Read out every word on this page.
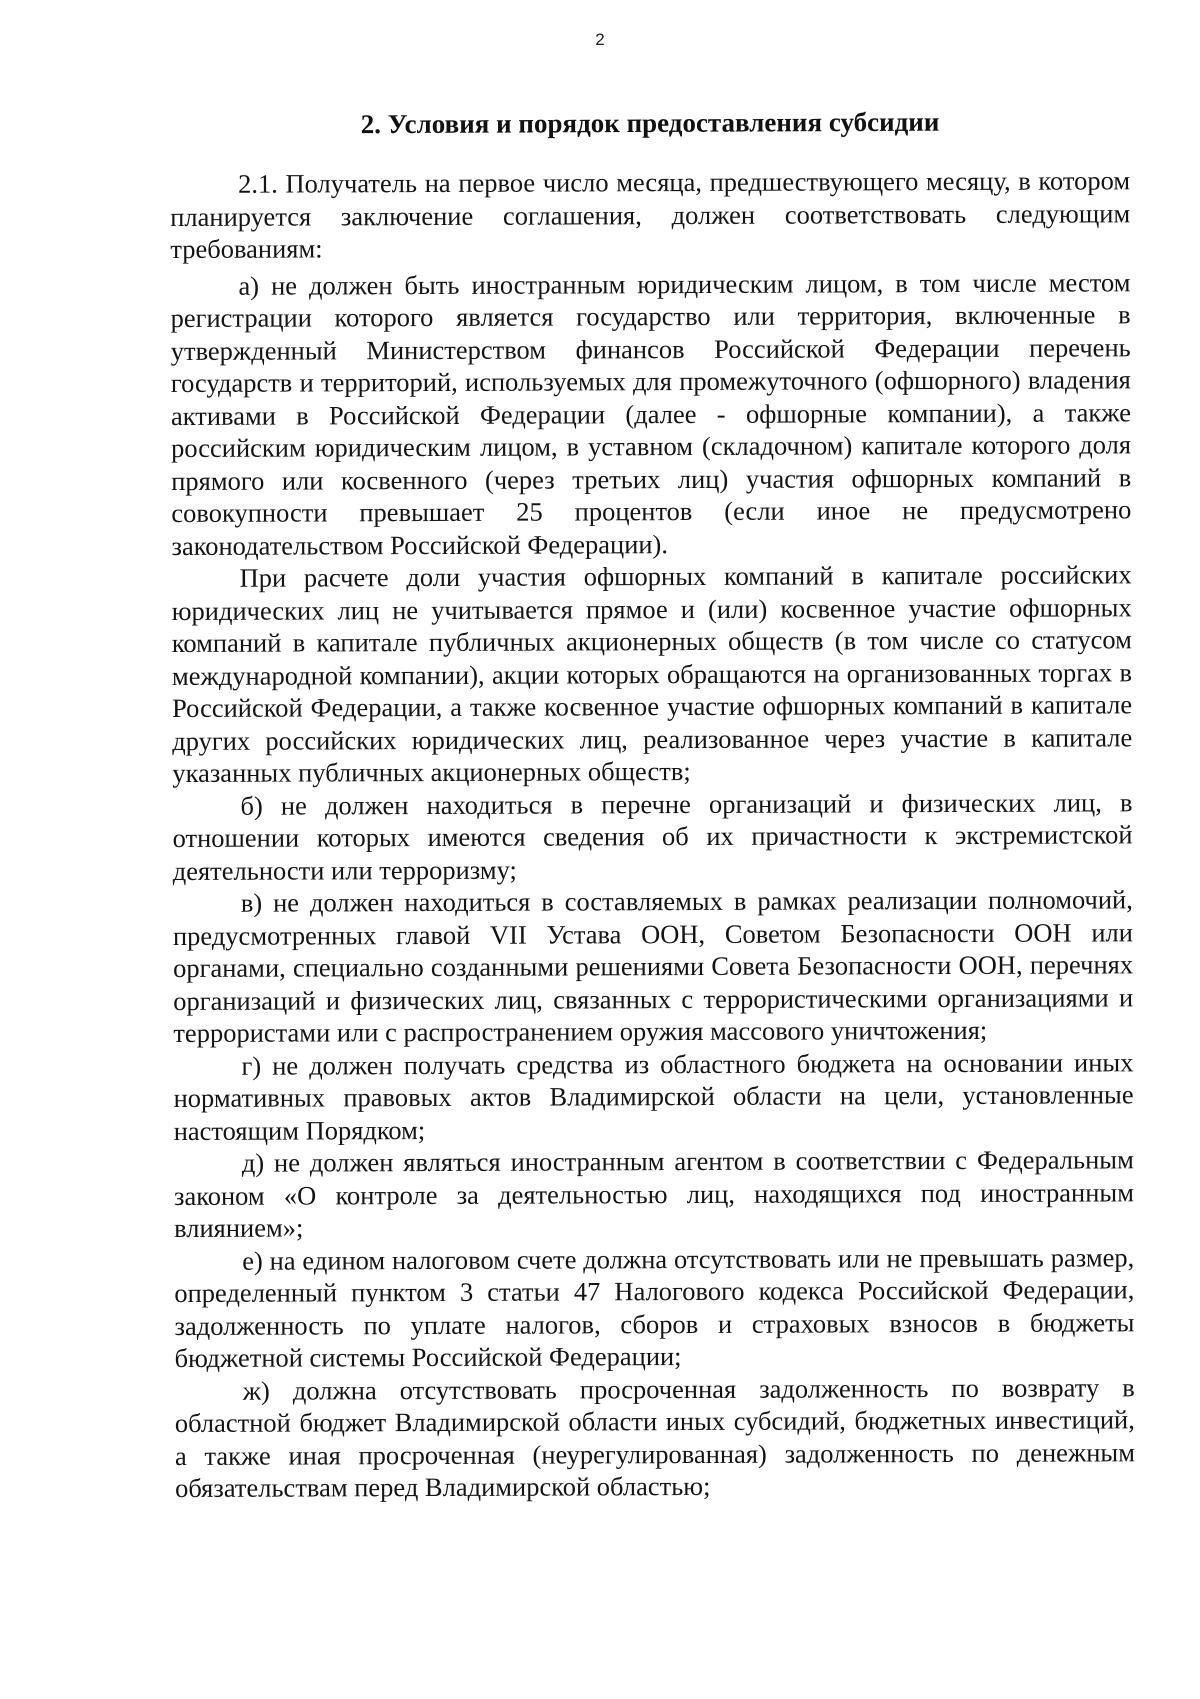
2
2. Условия и порядок предоставления субсидии

2.1. Получатель на первое число месяца, предшествующего месяцу, в котором планируется заключение соглашения, должен соответствовать следующим требованиям:

а) не должен быть иностранным юридическим лицом, в том числе местом регистрации которого является государство или территория, включенные в утвержденный Министерством финансов Российской Федерации перечень государств и территорий, используемых для промежуточного (офшорного) владения активами в Российской Федерации (далее - офшорные компании), а также российским юридическим лицом, в уставном (складочном) капитале которого доля прямого или косвенного (через третьих лиц) участия офшорных компаний в совокупности превышает 25 процентов (если иное не предусмотрено законодательством Российской Федерации).

При расчете доли участия офшорных компаний в капитале российских юридических лиц не учитывается прямое и (или) косвенное участие офшорных компаний в капитале публичных акционерных обществ (в том числе со статусом международной компании), акции которых обращаются на организованных торгах в Российской Федерации, а также косвенное участие офшорных компаний в капитале других российских юридических лиц, реализованное через участие в капитале указанных публичных акционерных обществ;

б) не должен находиться в перечне организаций и физических лиц, в отношении которых имеются сведения об их причастности к экстремистской деятельности или терроризму;

в) не должен находиться в составляемых в рамках реализации полномочий, предусмотренных главой VII Устава ООН, Советом Безопасности ООН или органами, специально созданными решениями Совета Безопасности ООН, перечнях организаций и физических лиц, связанных с террористическими организациями и террористами или с распространением оружия массового уничтожения;

г) не должен получать средства из областного бюджета на основании иных нормативных правовых актов Владимирской области на цели, установленные настоящим Порядком;

д) не должен являться иностранным агентом в соответствии с Федеральным законом «О контроле за деятельностью лиц, находящихся под иностранным влиянием»;

е) на едином налоговом счете должна отсутствовать или не превышать размер, определенный пунктом 3 статьи 47 Налогового кодекса Российской Федерации, задолженность по уплате налогов, сборов и страховых взносов в бюджеты бюджетной системы Российской Федерации;

ж) должна отсутствовать просроченная задолженность по возврату в областной бюджет Владимирской области иных субсидий, бюджетных инвестиций, а также иная просроченная (неурегулированная) задолженность по денежным обязательствам перед Владимирской областью;
